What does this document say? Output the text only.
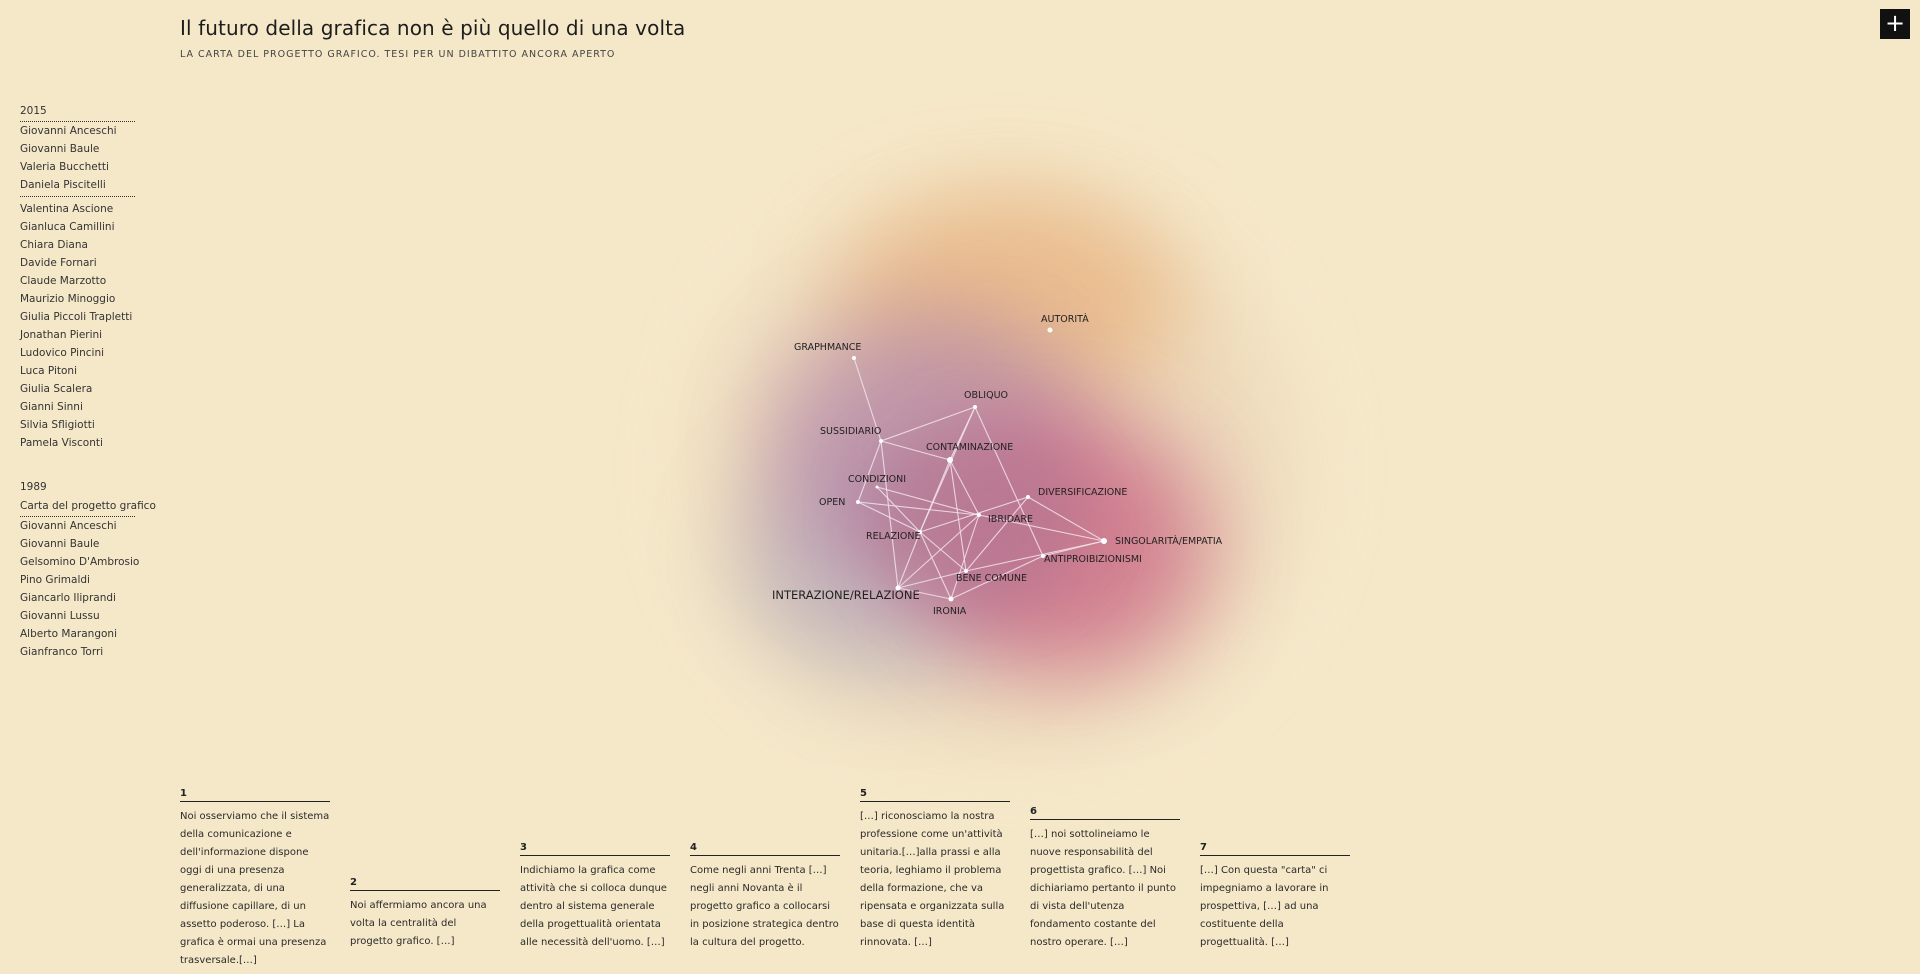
AUTORITÀ
GRAPHMANCE
OBLIQUO
SUSSIDIARIO
CONTAMINAZIONE
CONDIZIONI
OPEN
DIVERSIFICAZIONE
IBRIDARE
RELAZIONE	SINGOLARITÀ/EMPATIA
ANTIPROIBIZIONISMI
BENE COMUNE
INTERAZIONE/RELAZIONE
IRONIA
Il futuro della grafica non è più quello di una volta
LA CARTA DEL PROGETTO GRAFICO. TESI PER UN DIBATTITO ANCORA APERTO
+
2015
Giovanni Anceschi
Giovanni Baule
Valeria Bucchetti
Daniela Piscitelli
Valentina Ascione
Gianluca Camillini
Chiara Diana
Davide Fornari
Claude Marzotto
Maurizio Minoggio
Giulia Piccoli Trapletti
Jonathan Pierini
Ludovico Pincini
Luca Pitoni
Giulia Scalera
Gianni Sinni
Silvia Sfligiotti
Pamela Visconti
1989
Carta del progetto grafico
Giovanni Anceschi
Giovanni Baule
Gelsomino D'Ambrosio
Pino Grimaldi
Giancarlo Iliprandi
Giovanni Lussu
Alberto Marangoni
Gianfranco Torri
1
Noi osserviamo che il sistema della comunicazione e dell'informazione dispone oggi di una presenza generalizzata, di una diffusione capillare, di un assetto poderoso. […] La grafica è ormai una presenza trasversale.[…]
2
Noi affermiamo ancora una volta la centralità del progetto grafico. […]
3
Indichiamo la grafica come attività che si colloca dunque dentro al sistema generale della progettualità orientata alle necessità dell'uomo. […]
4
Come negli anni Trenta […] negli anni Novanta è il progetto grafico a collocarsi in posizione strategica dentro la cultura del progetto.
5
[…] riconosciamo la nostra professione come un'attività unitaria.[…]alla prassi e alla teoria, leghiamo il problema della formazione, che va ripensata e organizzata sulla base di questa identità rinnovata. […]
6
[…] noi sottolineiamo le nuove responsabilità del progettista grafico. […] Noi dichiariamo pertanto il punto di vista dell'utenza fondamento costante del nostro operare. […]
7
[…] Con questa "carta" ci impegniamo a lavorare in prospettiva, […] ad una costituente della progettualità. […]
